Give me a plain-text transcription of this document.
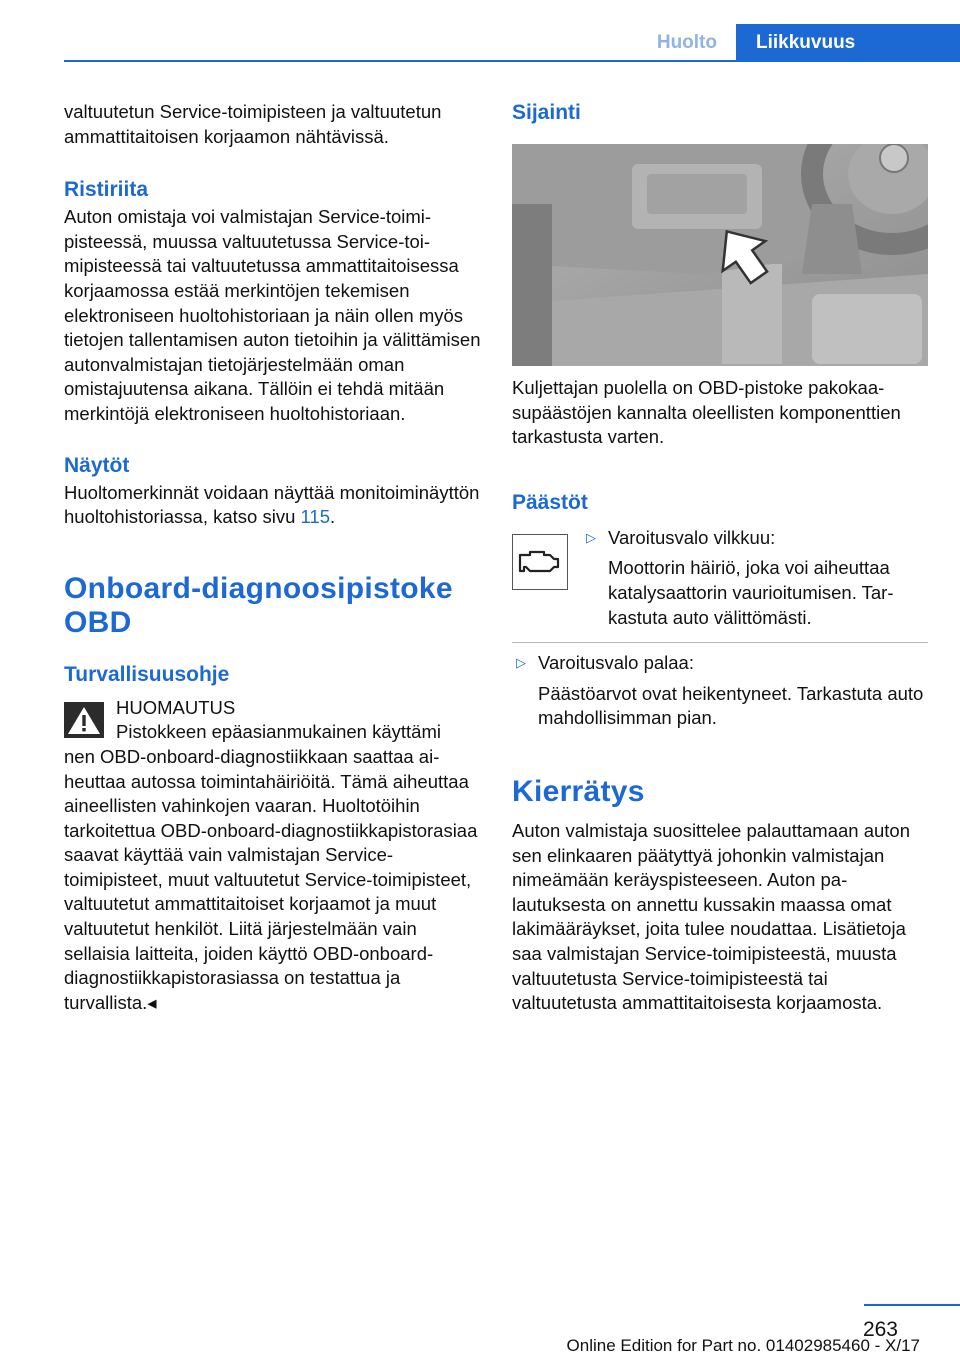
Huolto	Liikkuvuus

valtuutetun Service-toimipisteen ja valtuutetun ammattitaitoisen korjaamon nähtävissä.

Ristiriita

Auton omistaja voi valmistajan Service-toimipisteessä, muussa valtuutetussa Service-toimipisteessä tai valtuutetussa ammattitaitoisessa korjaamossa estää merkintöjen tekemisen elektroniseen huoltohistoriaan ja näin ollen myös tietojen tallentamisen auton tietoihin ja välittämisen autonvalmistajan tietojärjestelmään oman omistajuutensa aikana. Tällöin ei tehdä mitään merkintöjä elektroniseen huoltohistoriaan.

Näytöt

Huoltomerkinnät voidaan näyttää monitoiminäyttön huoltohistoriassa, katso sivu 115.

Onboard-diagnoosipistoke OBD
Turvallisuusohje

HUOMAUTUS

Pistokkeen epäasianmukainen käyttämi

nen OBD-onboard-diagnostiikkaan saattaa aiheuttaa autossa toimintahäiriöitä. Tämä aiheuttaa aineellisten vahinkojen vaaran. Huoltotöihin tarkoitettua OBD-onboard-diagnostiikkapistorasiaa saavat käyttää vain valmistajan Service-toimipisteet, muut valtuutetut Service-toimipisteet, valtuutetut ammattitaitoiset korjaamot ja muut valtuutetut henkilöt. Liitä järjestelmään vain sellaisia laitteita, joiden käyttö OBD-onboard-diagnostiikkapistorasiassa on testattua ja turvallista.◂

Sijainti

Kuljettajan puolella on OBD-pistoke pakokaasupäästöjen kannalta oleellisten komponenttien tarkastusta varten.

Päästöt
▷ Varoitusvalo vilkkuu:

Moottorin häiriö, joka voi aiheuttaa katalysaattorin vaurioitumisen. Tarkastuta auto välittömästi.

▷ Varoitusvalo palaa:

Päästöarvot ovat heikentyneet. Tarkastuta auto mahdollisimman pian.

Kierrätys

Auton valmistaja suosittelee palauttamaan auton sen elinkaaren päätyttyä johonkin valmistajan nimeämään keräyspisteeseen. Auton palautuksesta on annettu kussakin maassa omat lakimääräykset, joita tulee noudattaa. Lisätietoja saa valmistajan Service-toimipisteestä, muusta valtuutetusta Service-toimipisteestä tai valtuutetusta ammattitaitoisesta korjaamosta.

263
Online Edition for Part no. 01402985460 - X/17
